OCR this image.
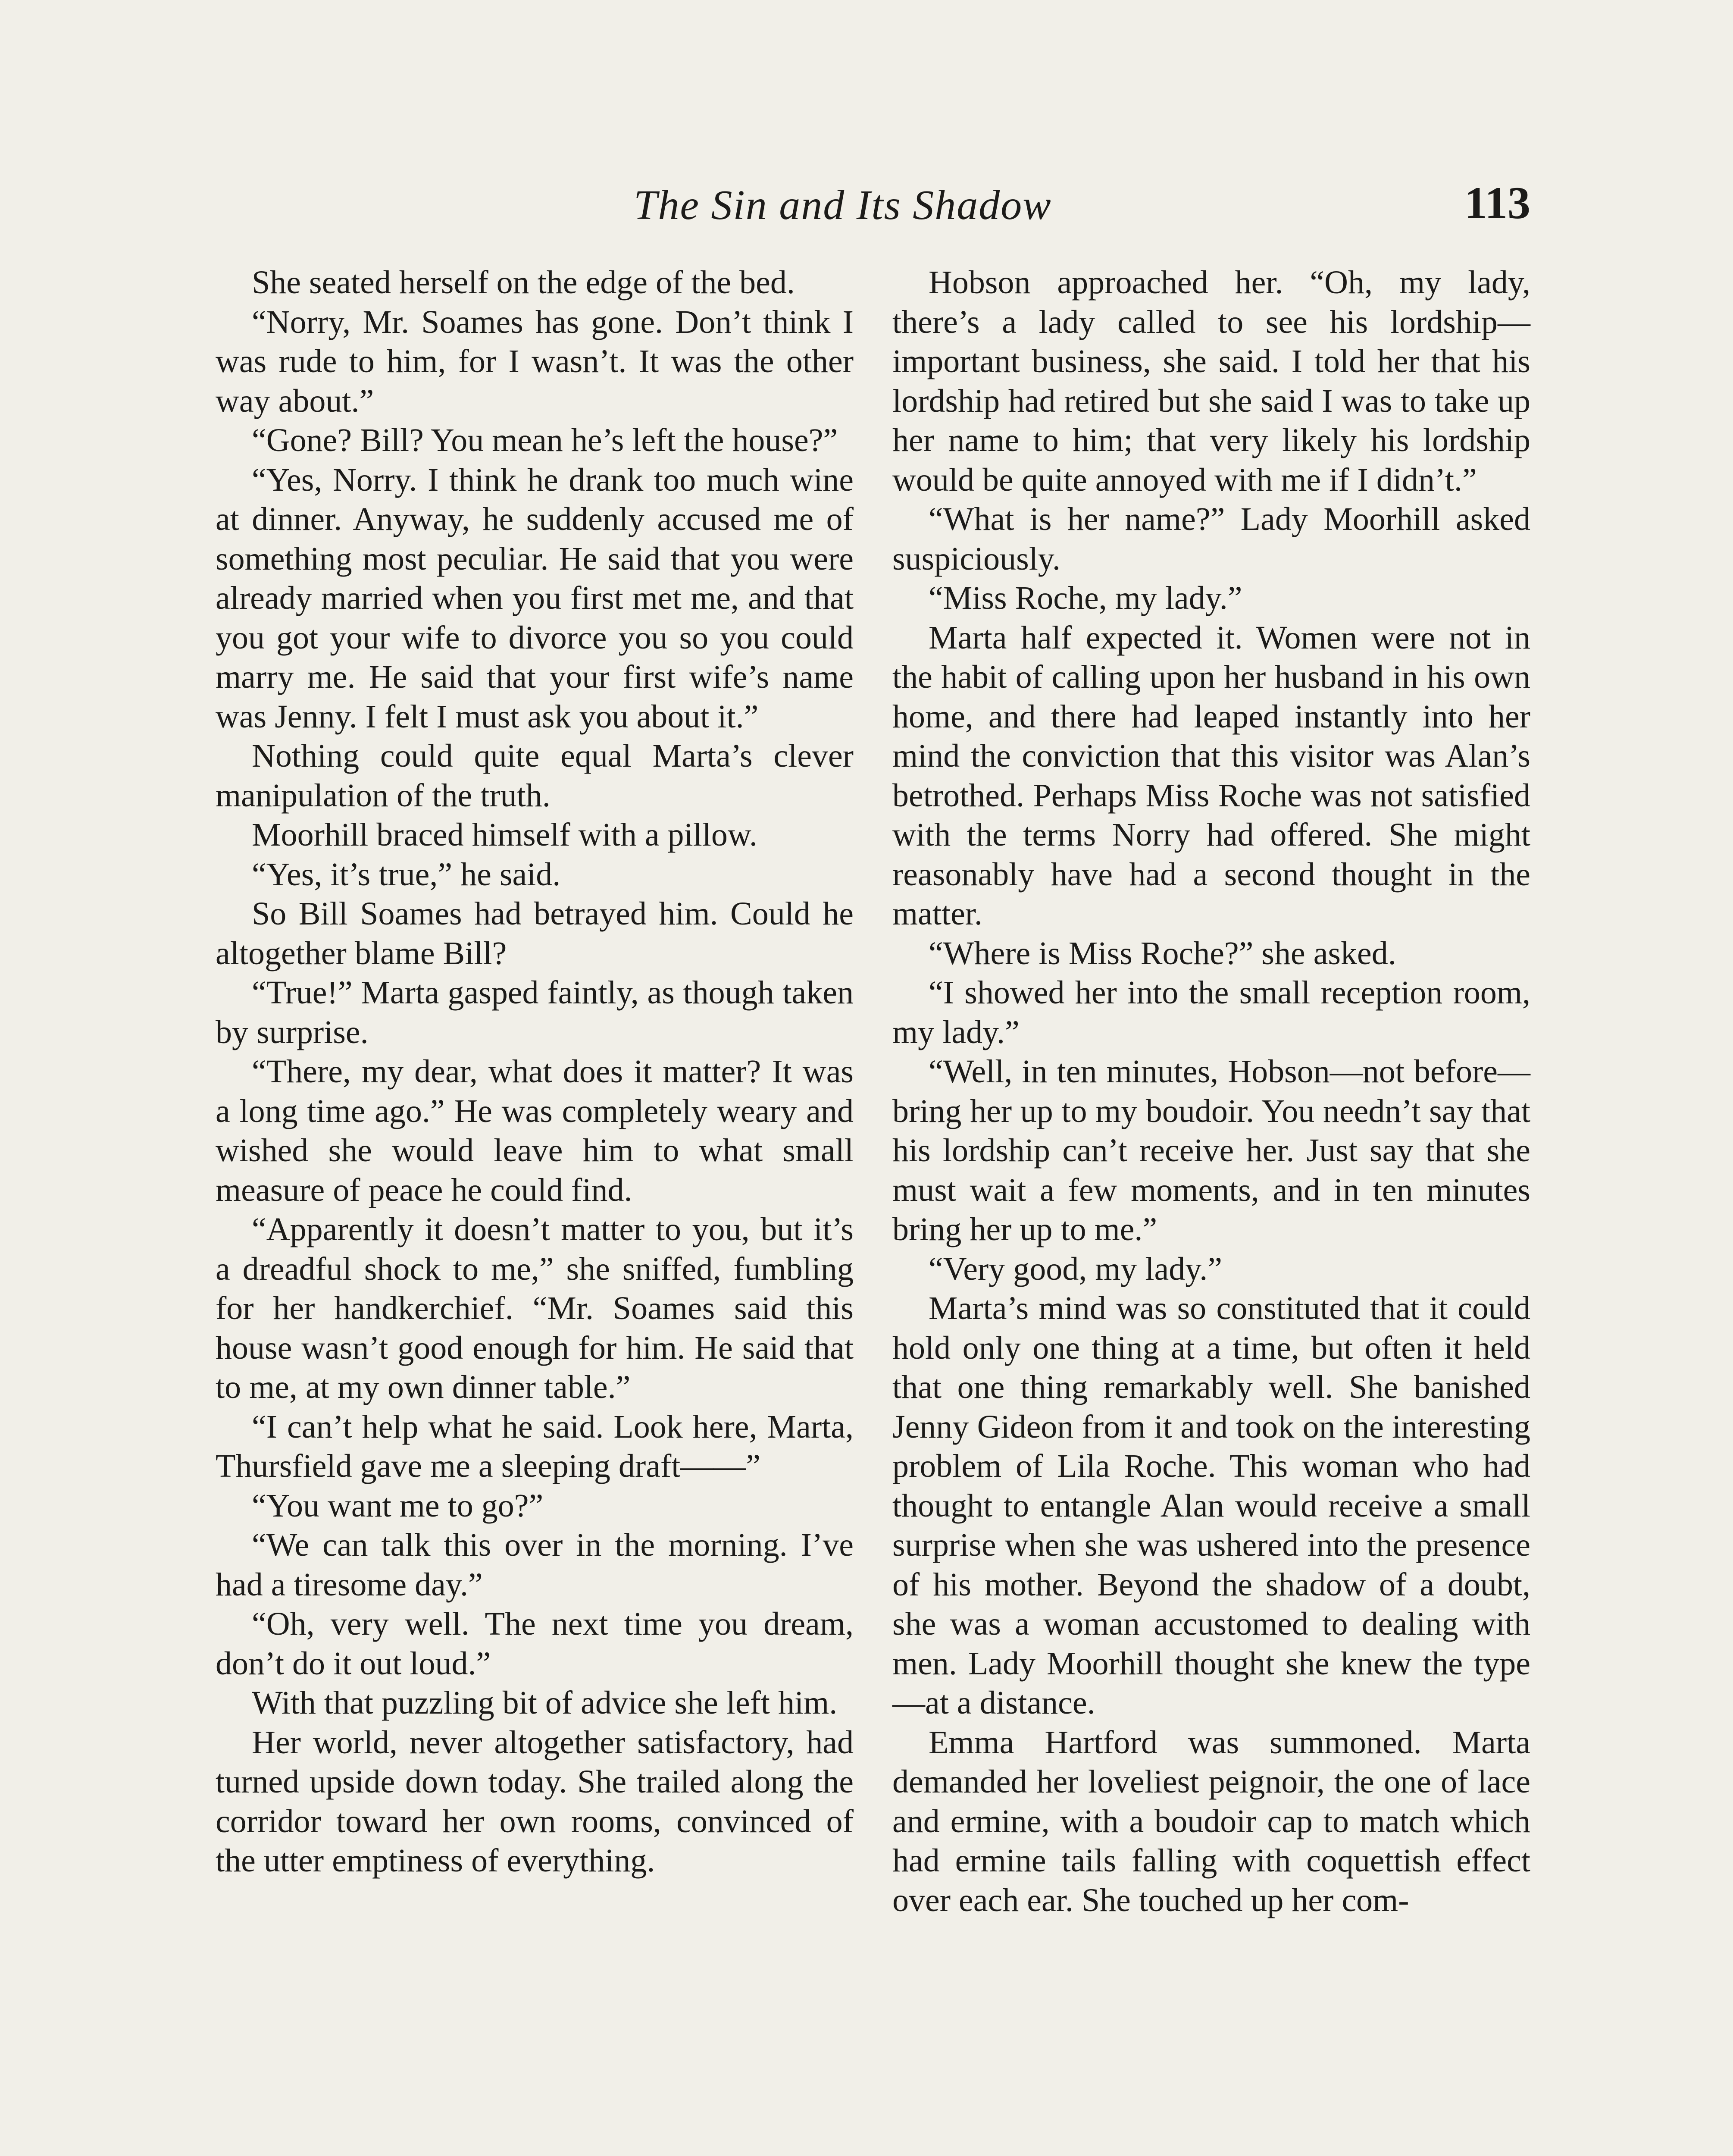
The Sin and Its Shadow	113

She seated herself on the edge of the bed.

“Norry, Mr. Soames has gone. Don’t think I was rude to him, for I wasn’t. It was the other way about.”

“Gone? Bill? You mean he’s left the house?”

“Yes, Norry. I think he drank too much wine at dinner. Anyway, he suddenly accused me of something most peculiar. He said that you were already married when you first met me, and that you got your wife to divorce you so you could marry me. He said that your first wife’s name was Jenny. I felt I must ask you about it.”

Nothing could quite equal Marta’s clever manipulation of the truth.

Moorhill braced himself with a pillow.

“Yes, it’s true,” he said.

So Bill Soames had betrayed him. Could he altogether blame Bill?

“True!” Marta gasped faintly, as though taken by surprise.

“There, my dear, what does it matter? It was a long time ago.” He was completely weary and wished she would leave him to what small measure of peace he could find.

“Apparently it doesn’t matter to you, but it’s a dreadful shock to me,” she sniffed, fumbling for her handkerchief. “Mr. Soames said this house wasn’t good enough for him. He said that to me, at my own dinner table.”

“I can’t help what he said. Look here, Marta, Thursfield gave me a sleeping draft——”

“You want me to go?”

“We can talk this over in the morning. I’ve had a tiresome day.”

“Oh, very well. The next time you dream, don’t do it out loud.”

With that puzzling bit of advice she left him.

Her world, never altogether satisfactory, had turned upside down today. She trailed along the corridor toward her own rooms, convinced of the utter emptiness of everything.

Hobson approached her. “Oh, my lady, there’s a lady called to see his lordship—important business, she said. I told her that his lordship had retired but she said I was to take up her name to him; that very likely his lordship would be quite annoyed with me if I didn’t.”

“What is her name?” Lady Moorhill asked suspiciously.

“Miss Roche, my lady.”

Marta half expected it. Women were not in the habit of calling upon her husband in his own home, and there had leaped instantly into her mind the conviction that this visitor was Alan’s betrothed. Perhaps Miss Roche was not satisfied with the terms Norry had offered. She might reasonably have had a second thought in the matter.

“Where is Miss Roche?” she asked.

“I showed her into the small reception room, my lady.”

“Well, in ten minutes, Hobson—not before—bring her up to my boudoir. You needn’t say that his lordship can’t receive her. Just say that she must wait a few moments, and in ten minutes bring her up to me.”

“Very good, my lady.”

Marta’s mind was so constituted that it could hold only one thing at a time, but often it held that one thing remarkably well. She banished Jenny Gideon from it and took on the interesting problem of Lila Roche. This woman who had thought to entangle Alan would receive a small surprise when she was ushered into the presence of his mother. Beyond the shadow of a doubt, she was a woman accustomed to dealing with men. Lady Moorhill thought she knew the type—at a distance.

Emma Hartford was summoned. Marta demanded her loveliest peignoir, the one of lace and ermine, with a boudoir cap to match which had ermine tails falling with coquettish effect over each ear. She touched up her com-
